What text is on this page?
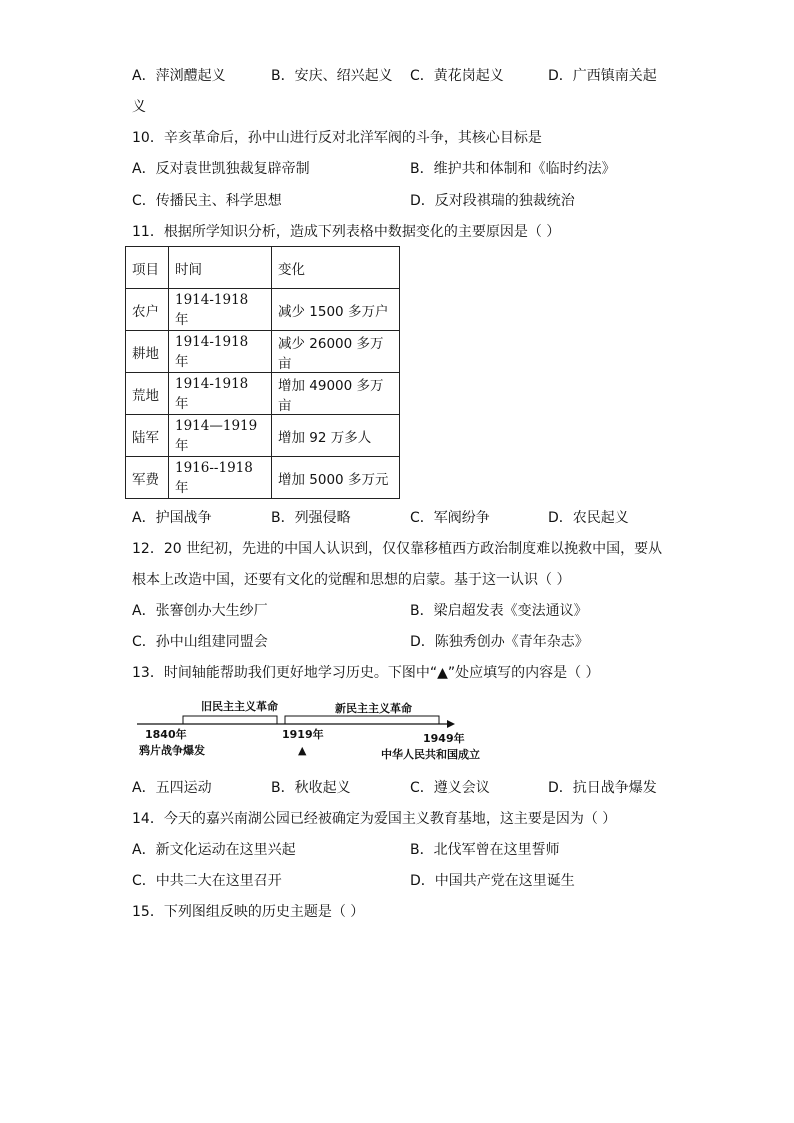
A．萍浏醴起义	B．安庆、绍兴起义 C．黄花岗起义	D．广西镇南关起
义
10．辛亥革命后，孙中山进行反对北洋军阀的斗争，其核心目标是
A．反对袁世凯独裁复辟帝制	B．维护共和体制和《临时约法》
C．传播民主、科学思想	D．反对段祺瑞的独裁统治
11．根据所学知识分析，造成下列表格中数据变化的主要原因是（ ）
项目	时间	变化
农户	1914-1918 年	减少 1500 多万户
耕地	1914-1918 年	减少 26000 多万亩
荒地	1914-1918 年	增加 49000 多万亩
陆军	1914—1919 年	增加 92 万多人
军费	1916--1918 年	增加 5000 多万元
A．护国战争	B．列强侵略	C．军阀纷争	D．农民起义
12．20 世纪初，先进的中国人认识到，仅仅靠移植西方政治制度难以挽救中国，要从
根本上改造中国，还要有文化的觉醒和思想的启蒙。基于这一认识（ ）
A．张謇创办大生纱厂	B．梁启超发表《变法通议》
C．孙中山组建同盟会	D．陈独秀创办《青年杂志》
13．时间轴能帮助我们更好地学习历史。下图中“▲”处应填写的内容是（ ）
旧民主主义革命	新民主主义革命
1840年
鸦片战争爆发
1919年
▲
1949年
中华人民共和国成立
A．五四运动	B．秋收起义	C．遵义会议	D．抗日战争爆发
14．今天的嘉兴南湖公园已经被确定为爱国主义教育基地，这主要是因为（ ）
A．新文化运动在这里兴起	B．北伐军曾在这里誓师
C．中共二大在这里召开	D．中国共产党在这里诞生
15．下列图组反映的历史主题是（ ）
